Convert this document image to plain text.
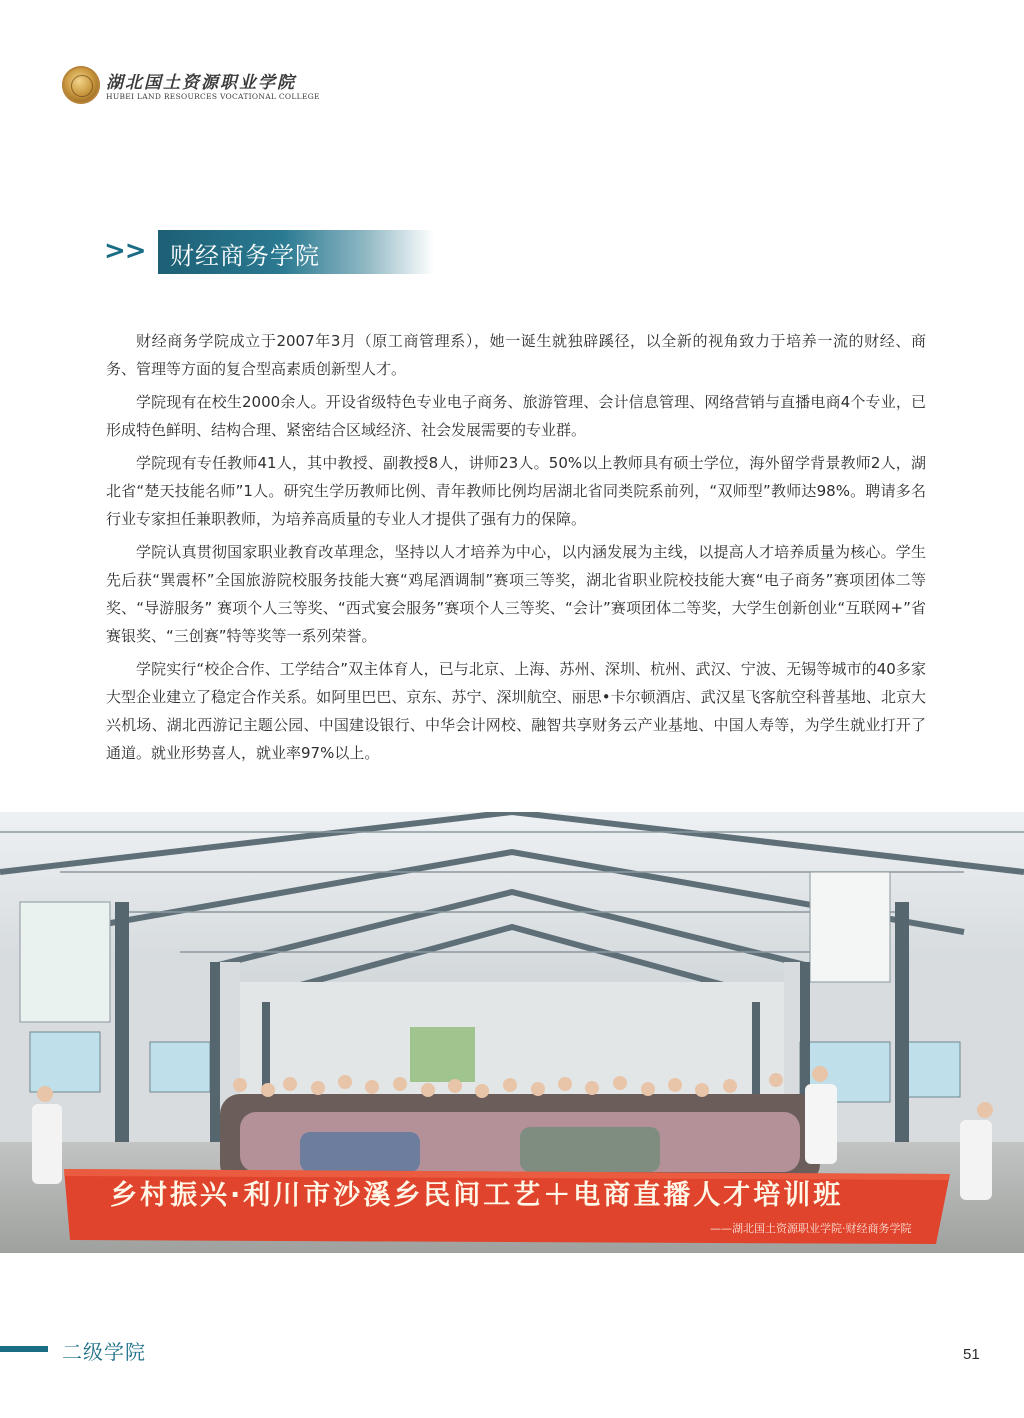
湖北国土资源职业学院
HUBEI LAND RESOURCES VOCATIONAL COLLEGE
>> 财经商务学院

财经商务学院成立于2007年3月（原工商管理系），她一诞生就独辟蹊径，以全新的视角致力于培养一流的财经、商务、管理等方面的复合型高素质创新型人才。

学院现有在校生2000余人。开设省级特色专业电子商务、旅游管理、会计信息管理、网络营销与直播电商4个专业，已形成特色鲜明、结构合理、紧密结合区域经济、社会发展需要的专业群。

学院现有专任教师41人，其中教授、副教授8人，讲师23人。50%以上教师具有硕士学位，海外留学背景教师2人，湖北省“楚天技能名师”1人。研究生学历教师比例、青年教师比例均居湖北省同类院系前列，“双师型”教师达98%。聘请多名行业专家担任兼职教师，为培养高质量的专业人才提供了强有力的保障。

学院认真贯彻国家职业教育改革理念，坚持以人才培养为中心，以内涵发展为主线，以提高人才培养质量为核心。学生先后获“巽震杯”全国旅游院校服务技能大赛“鸡尾酒调制”赛项三等奖，湖北省职业院校技能大赛“电子商务”赛项团体二等奖、“导游服务” 赛项个人三等奖、“西式宴会服务”赛项个人三等奖、“会计”赛项团体二等奖，大学生创新创业“互联网+”省赛银奖、“三创赛”特等奖等一系列荣誉。

学院实行“校企合作、工学结合”双主体育人，已与北京、上海、苏州、深圳、杭州、武汉、宁波、无锡等城市的40多家大型企业建立了稳定合作关系。如阿里巴巴、京东、苏宁、深圳航空、丽思•卡尔顿酒店、武汉星飞客航空科普基地、北京大兴机场、湖北西游记主题公园、中国建设银行、中华会计网校、融智共享财务云产业基地、中国人寿等，为学生就业打开了通道。就业形势喜人，就业率97%以上。

乡村振兴·利川市沙溪乡民间工艺＋电商直播人才培训班
——湖北国土资源职业学院·财经商务学院
二级学院	51
